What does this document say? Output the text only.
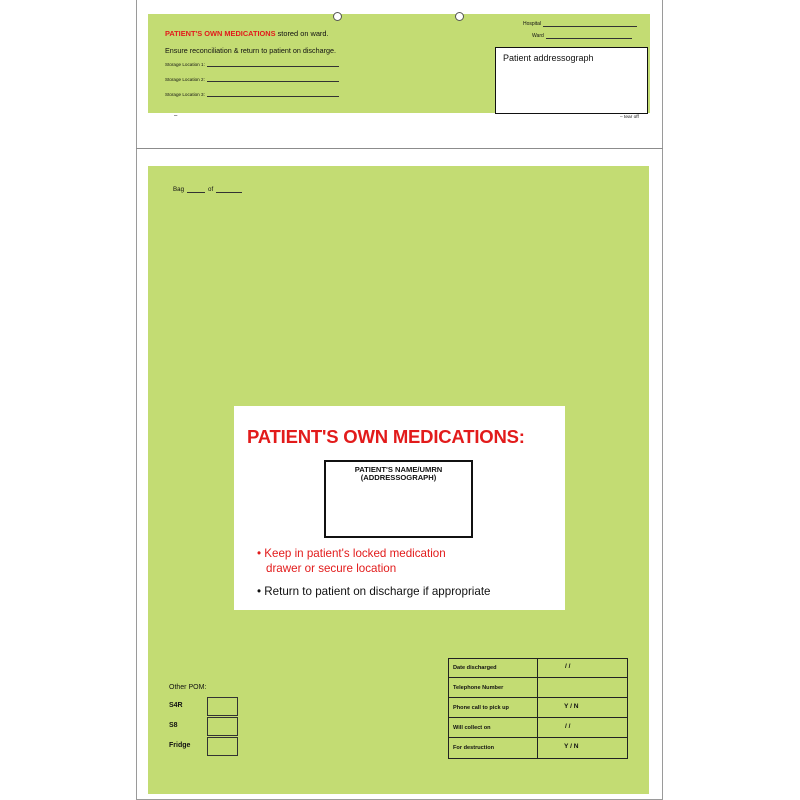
PATIENT'S OWN MEDICATIONS stored on ward.
Ensure reconciliation & return to patient on discharge.
Storage Location 1:
Storage Location 2:
Storage Location 3:
Hospital
Ward
Patient addressograph
–	– tear off
Bag	of
PATIENT'S OWN MEDICATIONS:
PATIENT'S NAME/UMRN
(ADDRESSOGRAPH)
• Keep in patient's locked medication
drawer or secure location
• Return to patient on discharge if appropriate
Other POM:
S4R
S8
Fridge
Date discharged
Telephone Number
Phone call to pick up
Will collect on
For destruction
/ /
Y / N
/ /
Y / N
